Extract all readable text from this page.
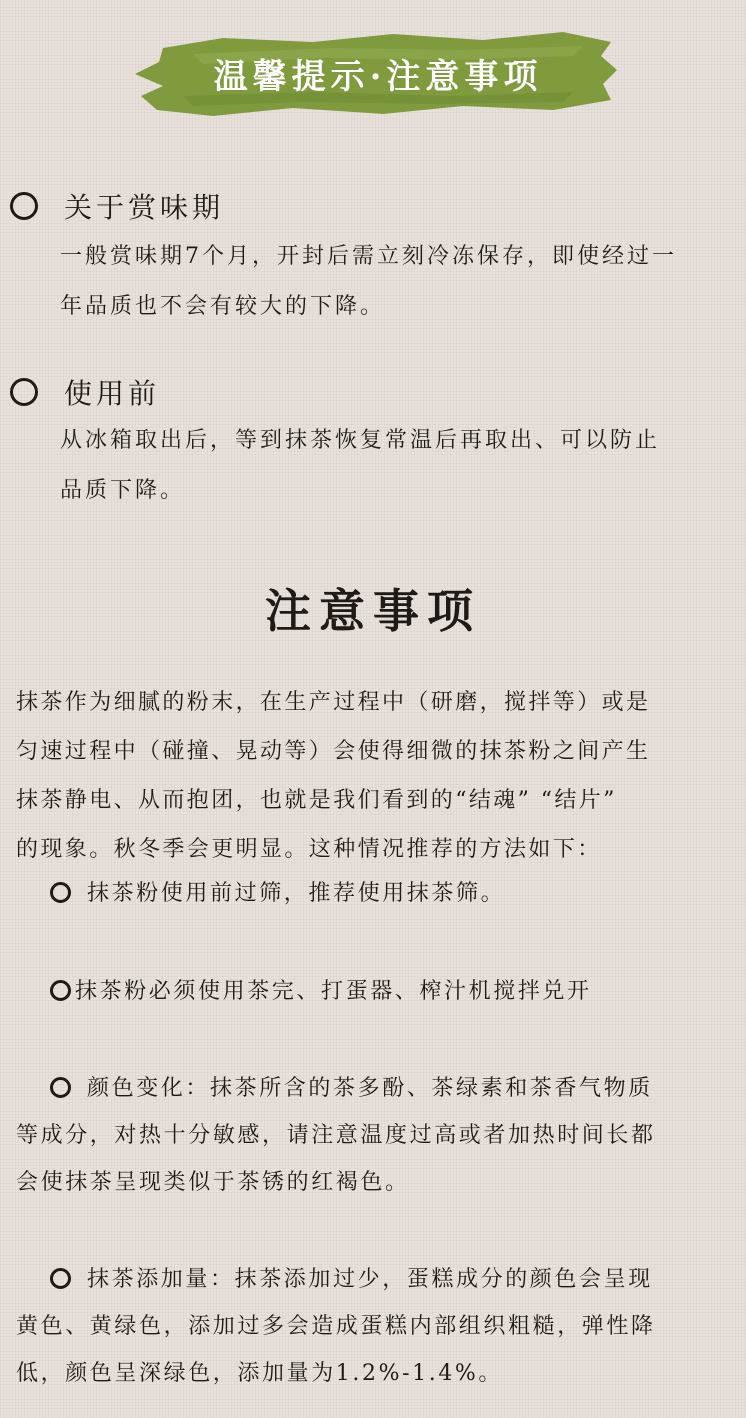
温馨提示·注意事项
关于赏味期
一般赏味期7个月，开封后需立刻冷冻保存，即使经过一
年品质也不会有较大的下降。
使用前
从冰箱取出后，等到抹茶恢复常温后再取出、可以防止
品质下降。
注意事项
抹茶作为细腻的粉末，在生产过程中（研磨，搅拌等）或是
匀速过程中（碰撞、晃动等）会使得细微的抹茶粉之间产生
抹茶静电、从而抱团，也就是我们看到的“结魂” “结片”
的现象。秋冬季会更明显。这种情况推荐的方法如下：
抹茶粉使用前过筛，推荐使用抹茶筛。
抹茶粉必须使用茶完、打蛋器、榨汁机搅拌兑开
颜色变化：抹茶所含的茶多酚、茶绿素和茶香气物质
等成分，对热十分敏感，请注意温度过高或者加热时间长都
会使抹茶呈现类似于茶锈的红褐色。
抹茶添加量：抹茶添加过少，蛋糕成分的颜色会呈现
黄色、黄绿色，添加过多会造成蛋糕内部组织粗糙，弹性降
低，颜色呈深绿色，添加量为1.2%-1.4%。
